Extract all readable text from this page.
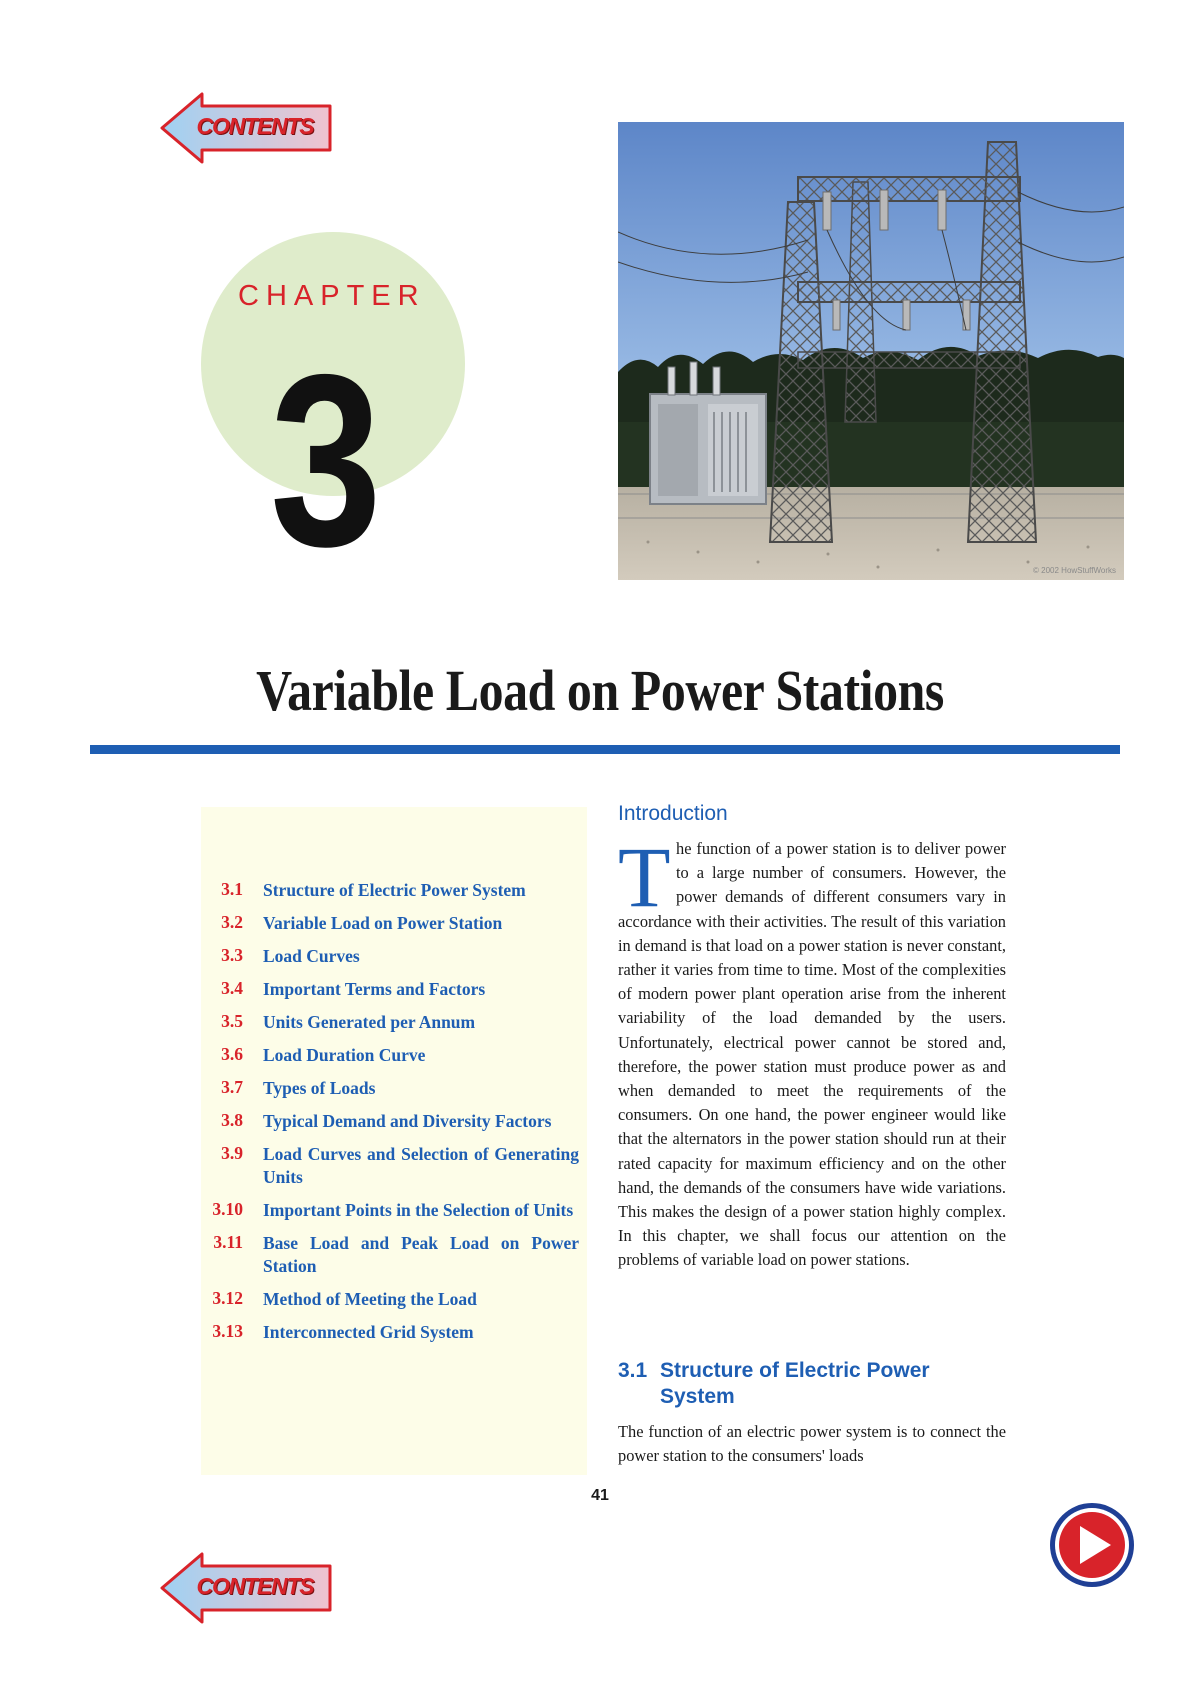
CONTENTS
CHAPTER
3	© 2002 HowStuffWorks
Variable Load on Power Stations
3.1 Structure of Electric Power System
3.2 Variable Load on Power Station
3.3 Load Curves
3.4 Important Terms and Factors
3.5 Units Generated per Annum
3.6 Load Duration Curve
3.7 Types of Loads
3.8 Typical Demand and Diversity Factors
3.9 Load Curves and Selection of Generating Units
3.10 Important Points in the Selection of Units
3.11 Base Load and Peak Load on Power Station
3.12 Method of Meeting the Load
3.13 Interconnected Grid System
Introduction
T he function of a power station is to deliver power to a large number of consumers. However, the power demands of different consumers vary in accordance with their activities. The result of this variation in demand is that load on a power station is never constant, rather it varies from time to time. Most of the complexities of modern power plant operation arise from the inherent variability of the load demanded by the users. Unfortunately, electrical power cannot be stored and, therefore, the power station must produce power as and when demanded to meet the requirements of the consumers. On one hand, the power engineer would like that the alternators in the power station should run at their rated capacity for maximum efficiency and on the other hand, the demands of the consumers have wide variations. This makes the design of a power station highly complex. In this chapter, we shall focus our attention on the problems of variable load on power stations.

3.1 Structure of Electric Power
System

The function of an electric power system is to connect the power station to the consumers' loads

41
CONTENTS
